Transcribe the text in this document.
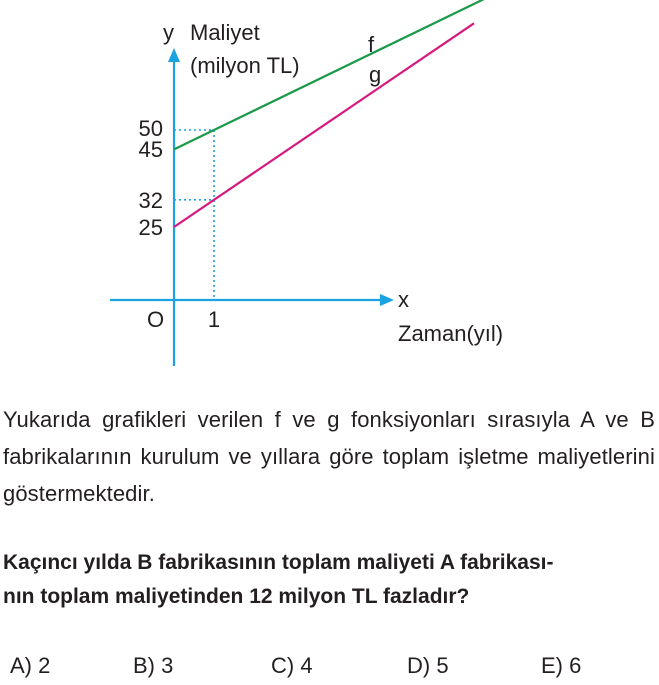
y Maliyet
(milyon TL)
x
Zaman(yıl)
O
50
45
32
25
1
f
g

Yukarıda grafikleri verilen f ve g fonksiyonları sırasıyla A ve B fabrikalarının kurulum ve yıllara göre toplam işletme maliyetlerini göstermektedir.

Kaçıncı yılda B fabrikasının toplam maliyeti A fabrikası-
nın toplam maliyetinden 12 milyon TL fazladır?
A) 2	B) 3	C) 4	D) 5	E) 6
